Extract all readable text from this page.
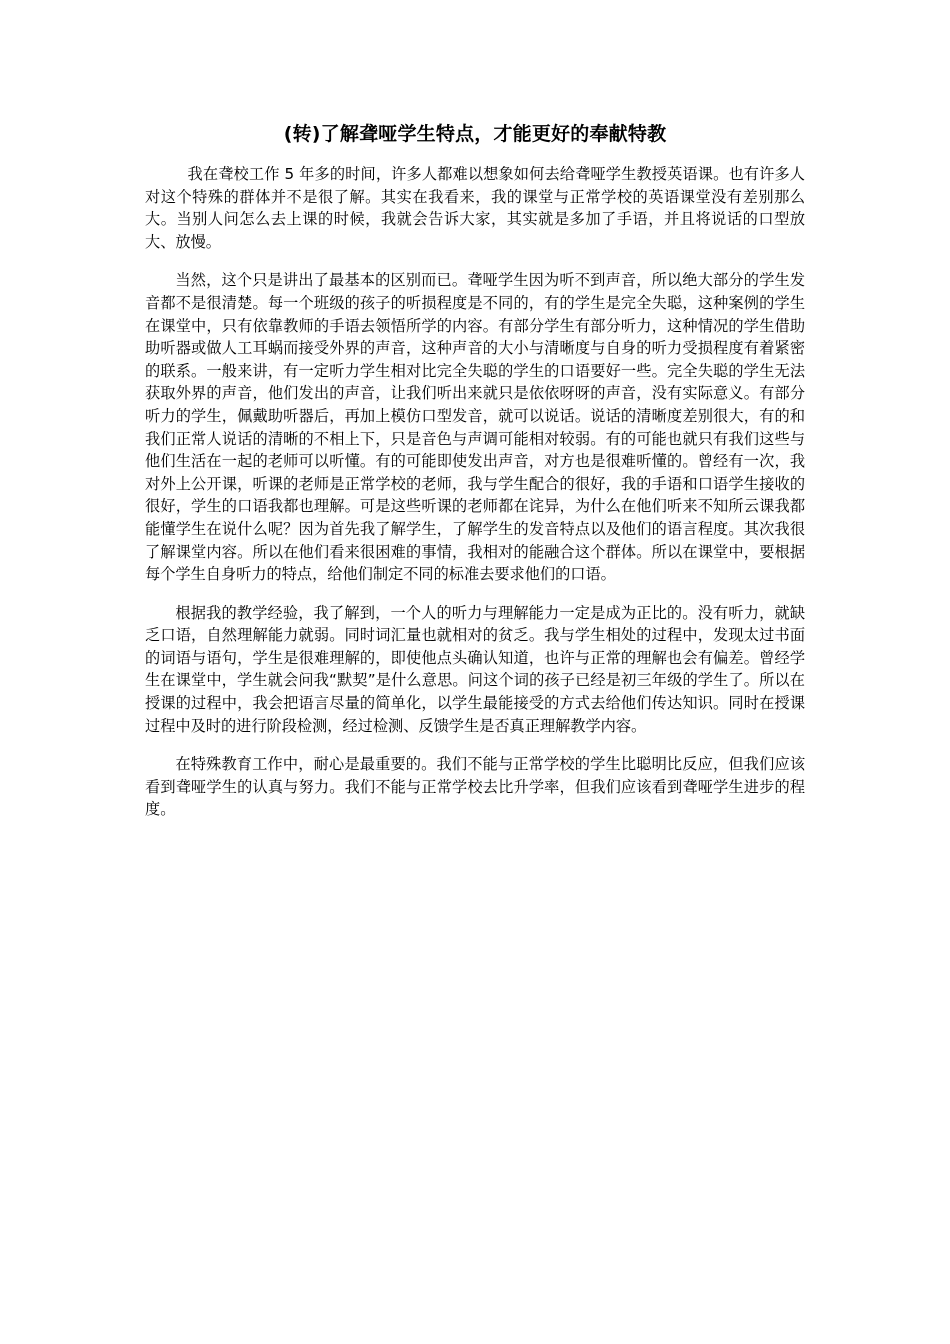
(转)了解聋哑学生特点，才能更好的奉献特教

我在聋校工作 5 年多的时间，许多人都难以想象如何去给聋哑学生教授英语课。也有许多人对这个特殊的群体并不是很了解。其实在我看来，我的课堂与正常学校的英语课堂没有差别那么大。当别人问怎么去上课的时候，我就会告诉大家，其实就是多加了手语，并且将说话的口型放大、放慢。

当然，这个只是讲出了最基本的区别而已。聋哑学生因为听不到声音，所以绝大部分的学生发音都不是很清楚。每一个班级的孩子的听损程度是不同的，有的学生是完全失聪，这种案例的学生在课堂中，只有依靠教师的手语去领悟所学的内容。有部分学生有部分听力，这种情况的学生借助助听器或做人工耳蜗而接受外界的声音，这种声音的大小与清晰度与自身的听力受损程度有着紧密的联系。一般来讲，有一定听力学生相对比完全失聪的学生的口语要好一些。完全失聪的学生无法获取外界的声音，他们发出的声音，让我们听出来就只是依依呀呀的声音，没有实际意义。有部分听力的学生，佩戴助听器后，再加上模仿口型发音，就可以说话。说话的清晰度差别很大，有的和我们正常人说话的清晰的不相上下，只是音色与声调可能相对较弱。有的可能也就只有我们这些与他们生活在一起的老师可以听懂。有的可能即使发出声音，对方也是很难听懂的。曾经有一次，我对外上公开课，听课的老师是正常学校的老师，我与学生配合的很好，我的手语和口语学生接收的很好，学生的口语我都也理解。可是这些听课的老师都在诧异，为什么在他们听来不知所云课我都能懂学生在说什么呢？因为首先我了解学生，了解学生的发音特点以及他们的语言程度。其次我很了解课堂内容。所以在他们看来很困难的事情，我相对的能融合这个群体。所以在课堂中，要根据每个学生自身听力的特点，给他们制定不同的标准去要求他们的口语。

根据我的教学经验，我了解到，一个人的听力与理解能力一定是成为正比的。没有听力，就缺乏口语，自然理解能力就弱。同时词汇量也就相对的贫乏。我与学生相处的过程中，发现太过书面的词语与语句，学生是很难理解的，即使他点头确认知道，也许与正常的理解也会有偏差。曾经学生在课堂中，学生就会问我“默契”是什么意思。问这个词的孩子已经是初三年级的学生了。所以在授课的过程中，我会把语言尽量的简单化，以学生最能接受的方式去给他们传达知识。同时在授课过程中及时的进行阶段检测，经过检测、反馈学生是否真正理解教学内容。

在特殊教育工作中，耐心是最重要的。我们不能与正常学校的学生比聪明比反应，但我们应该看到聋哑学生的认真与努力。我们不能与正常学校去比升学率，但我们应该看到聋哑学生进步的程度。
